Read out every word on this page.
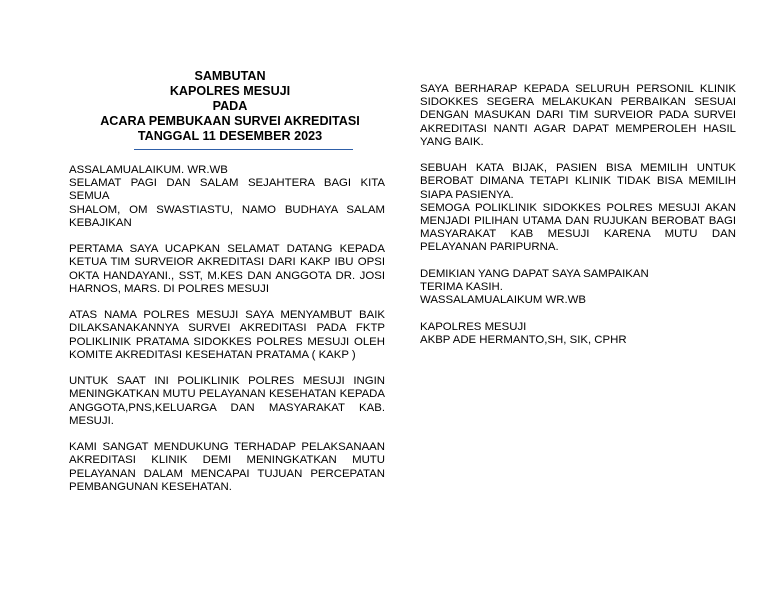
SAMBUTAN
KAPOLRES MESUJI
PADA
ACARA PEMBUKAAN SURVEI AKREDITASI
TANGGAL 11 DESEMBER 2023
ASSALAMUALAIKUM. WR.WB
SELAMAT PAGI DAN SALAM SEJAHTERA BAGI KITA SEMUA
SHALOM, OM SWASTIASTU, NAMO BUDHAYA SALAM KEBAJIKAN
PERTAMA SAYA UCAPKAN SELAMAT DATANG KEPADA KETUA TIM SURVEIOR AKREDITASI DARI KAKP IBU OPSI OKTA HANDAYANI., SST, M.KES DAN ANGGOTA DR. JOSI HARNOS, MARS. DI POLRES MESUJI
ATAS NAMA POLRES MESUJI SAYA MENYAMBUT BAIK DILAKSANAKANNYA SURVEI AKREDITASI PADA FKTP POLIKLINIK PRATAMA SIDOKKES POLRES MESUJI OLEH KOMITE AKREDITASI KESEHATAN PRATAMA ( KAKP )
UNTUK SAAT INI POLIKLINIK POLRES MESUJI INGIN MENINGKATKAN MUTU PELAYANAN KESEHATAN KEPADA ANGGOTA,PNS,KELUARGA DAN MASYARAKAT KAB. MESUJI.
KAMI SANGAT MENDUKUNG TERHADAP PELAKSANAAN AKREDITASI KLINIK DEMI MENINGKATKAN MUTU PELAYANAN DALAM MENCAPAI TUJUAN PERCEPATAN PEMBANGUNAN KESEHATAN.
SAYA BERHARAP KEPADA SELURUH PERSONIL KLINIK SIDOKKES SEGERA MELAKUKAN PERBAIKAN SESUAI DENGAN MASUKAN DARI TIM SURVEIOR PADA SURVEI AKREDITASI NANTI AGAR DAPAT MEMPEROLEH HASIL YANG BAIK.
SEBUAH KATA BIJAK, PASIEN BISA MEMILIH UNTUK BEROBAT DIMANA TETAPI KLINIK TIDAK BISA MEMILIH SIAPA PASIENYA.
SEMOGA POLIKLINIK SIDOKKES POLRES MESUJI AKAN MENJADI PILIHAN UTAMA DAN RUJUKAN BEROBAT BAGI MASYARAKAT KAB MESUJI KARENA MUTU DAN PELAYANAN PARIPURNA.
DEMIKIAN YANG DAPAT SAYA SAMPAIKAN
TERIMA KASIH.
WASSALAMUALAIKUM WR.WB
KAPOLRES MESUJI
AKBP ADE HERMANTO,SH, SIK, CPHR
